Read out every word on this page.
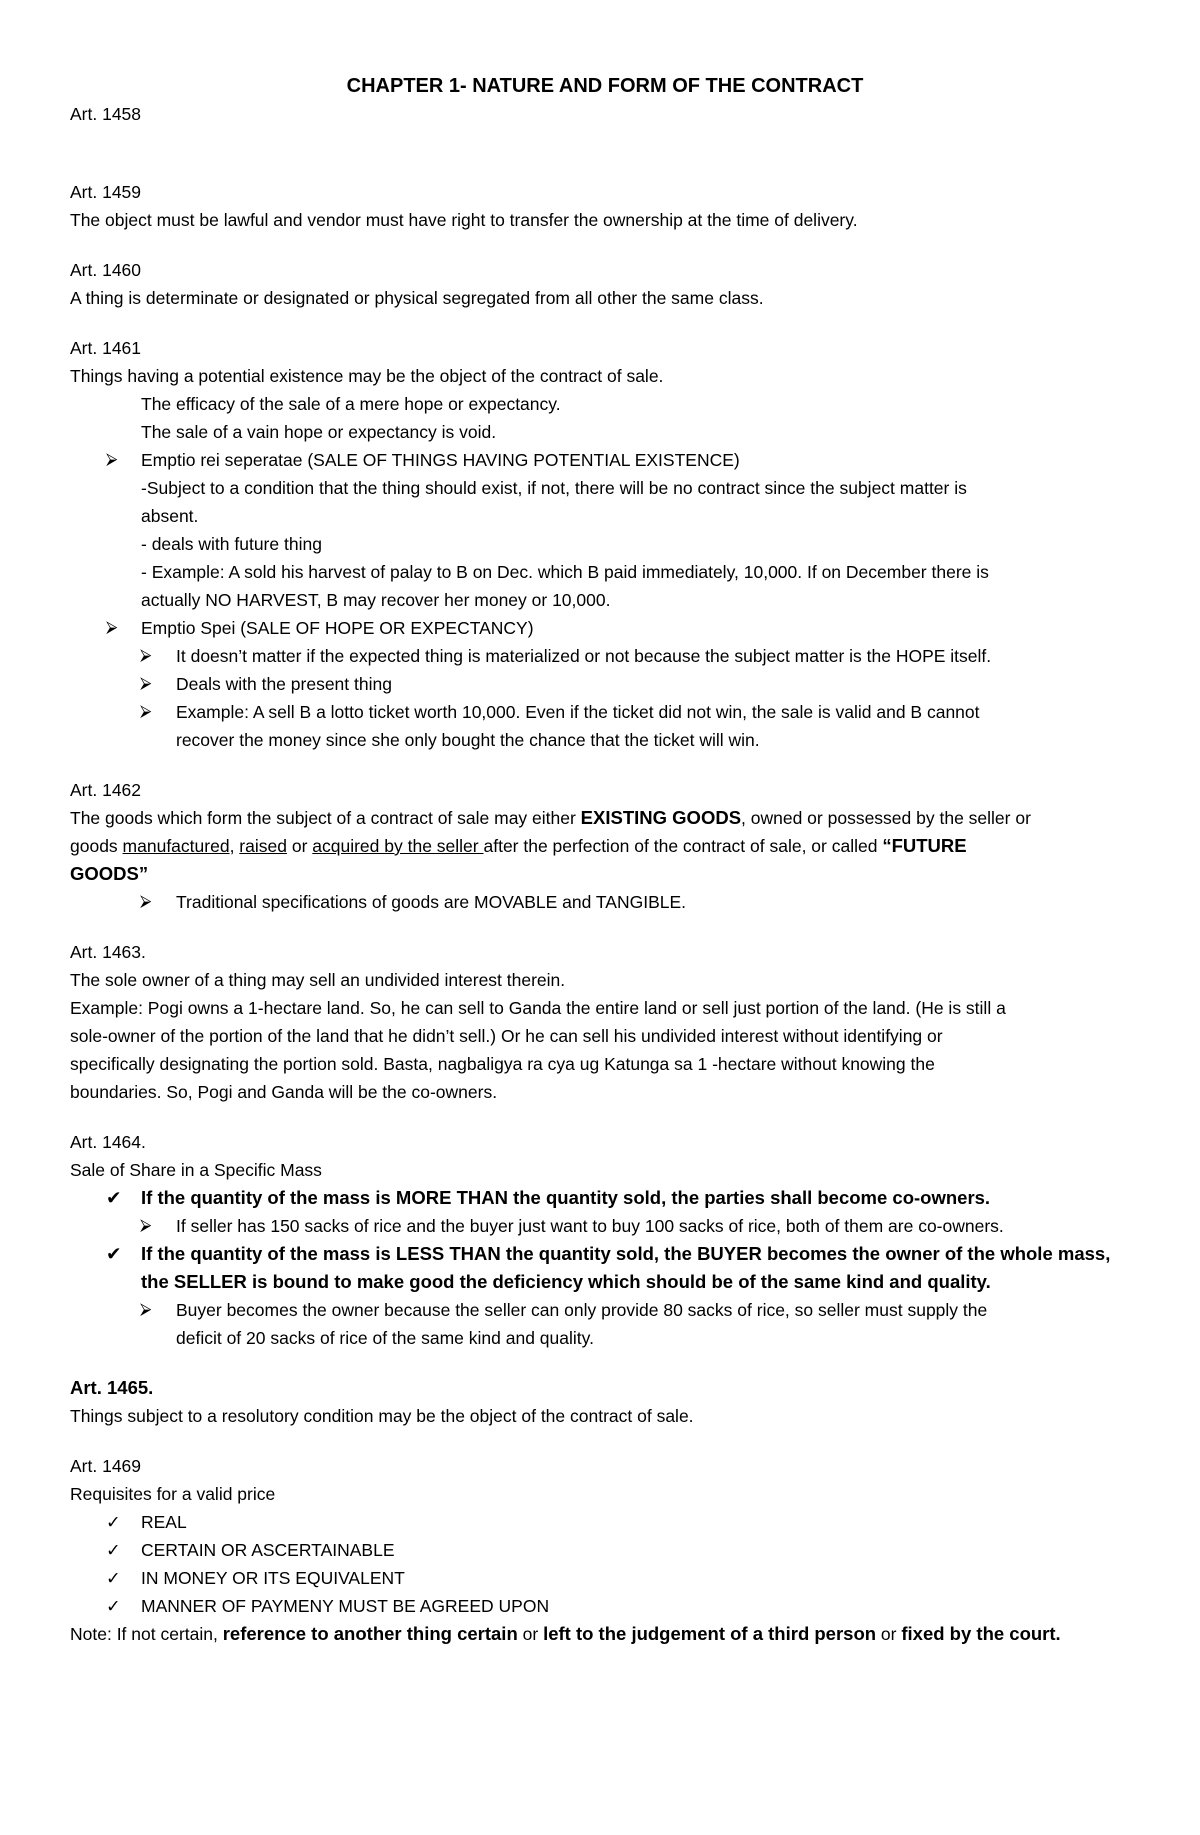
CHAPTER 1- NATURE AND FORM OF THE CONTRACT

Art. 1458

Art. 1459

The object must be lawful and vendor must have right to transfer the ownership at the time of delivery.

Art. 1460

A thing is determinate or designated or physical segregated from all other the same class.

Art. 1461

Things having a potential existence may be the object of the contract of sale.

The efficacy of the sale of a mere hope or expectancy.

The sale of a vain hope or expectancy is void.

⮚ Emptio rei seperatae (SALE OF THINGS HAVING POTENTIAL EXISTENCE)

-Subject to a condition that the thing should exist, if not, there will be no contract since the subject matter is

absent.

- deals with future thing

- Example: A sold his harvest of palay to B on Dec. which B paid immediately, 10,000. If on December there is

actually NO HARVEST, B may recover her money or 10,000.

⮚ Emptio Spei (SALE OF HOPE OR EXPECTANCY)
⮚ It doesn’t matter if the expected thing is materialized or not because the subject matter is the HOPE itself.
⮚ Deals with the present thing
⮚ Example: A sell B a lotto ticket worth 10,000. Even if the ticket did not win, the sale is valid and B cannot

recover the money since she only bought the chance that the ticket will win.

Art. 1462

The goods which form the subject of a contract of sale may either EXISTING GOODS, owned or possessed by the seller or

goods manufactured, raised or acquired by the seller after the perfection of the contract of sale, or called “FUTURE

GOODS”

⮚ Traditional specifications of goods are MOVABLE and TANGIBLE.

Art. 1463.

The sole owner of a thing may sell an undivided interest therein.

Example: Pogi owns a 1-hectare land. So, he can sell to Ganda the entire land or sell just portion of the land. (He is still a

sole-owner of the portion of the land that he didn’t sell.) Or he can sell his undivided interest without identifying or

specifically designating the portion sold. Basta, nagbaligya ra cya ug Katunga sa 1 -hectare without knowing the

boundaries. So, Pogi and Ganda will be the co-owners.

Art. 1464.

Sale of Share in a Specific Mass

✔ If the quantity of the mass is MORE THAN the quantity sold, the parties shall become co-owners.
⮚ If seller has 150 sacks of rice and the buyer just want to buy 100 sacks of rice, both of them are co-owners.
✔ If the quantity of the mass is LESS THAN the quantity sold, the BUYER becomes the owner of the whole mass,

the SELLER is bound to make good the deficiency which should be of the same kind and quality.

⮚ Buyer becomes the owner because the seller can only provide 80 sacks of rice, so seller must supply the

deficit of 20 sacks of rice of the same kind and quality.

Art. 1465.

Things subject to a resolutory condition may be the object of the contract of sale.

Art. 1469

Requisites for a valid price

✓ REAL
✓ CERTAIN OR ASCERTAINABLE
✓ IN MONEY OR ITS EQUIVALENT
✓ MANNER OF PAYMENY MUST BE AGREED UPON

Note: If not certain, reference to another thing certain or left to the judgement of a third person or fixed by the court.
